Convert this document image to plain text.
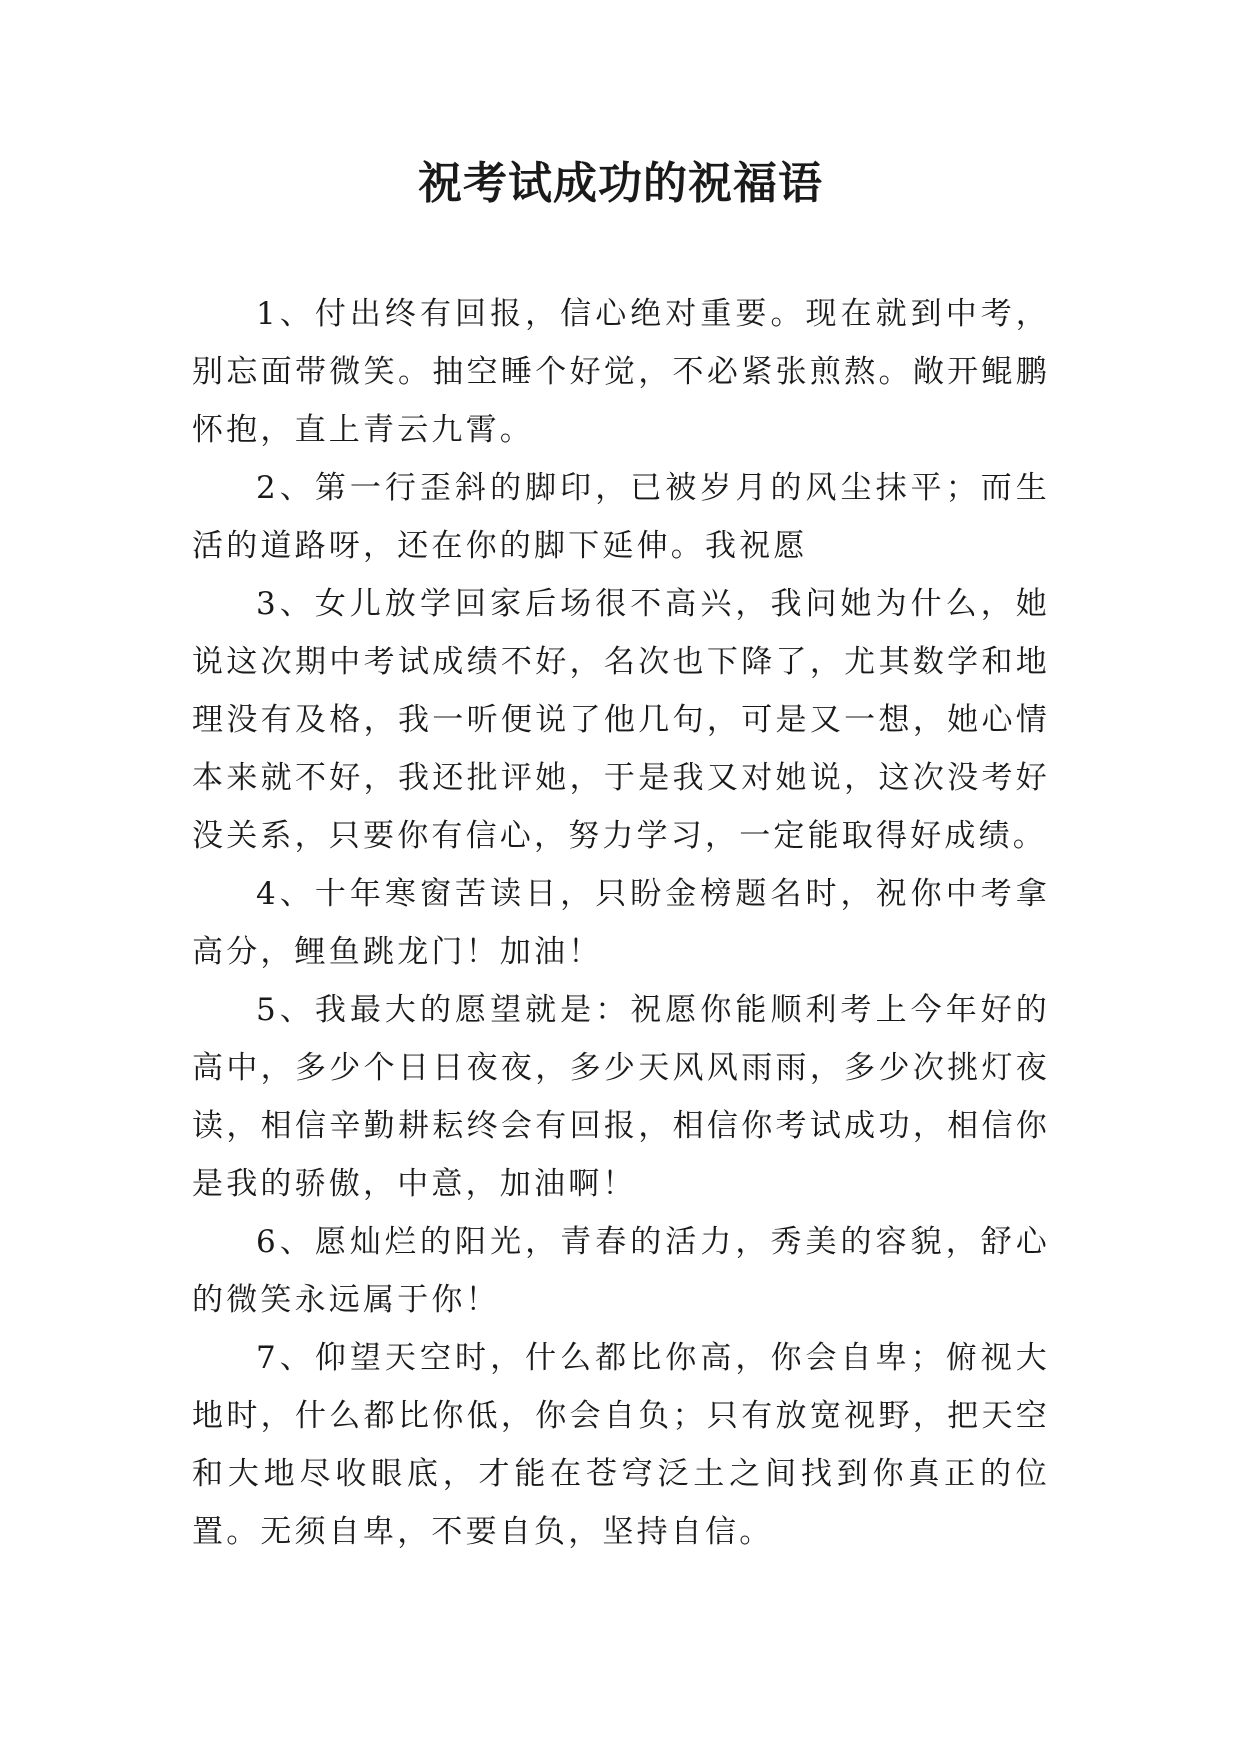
祝考试成功的祝福语

1、付出终有回报，信心绝对重要。现在就到中考，别忘面带微笑。抽空睡个好觉，不必紧张煎熬。敞开鲲鹏怀抱，直上青云九霄。

2、第一行歪斜的脚印，已被岁月的风尘抹平；而生活的道路呀，还在你的脚下延伸。我祝愿

3、女儿放学回家后场很不高兴，我问她为什么，她说这次期中考试成绩不好，名次也下降了，尤其数学和地理没有及格，我一听便说了他几句，可是又一想，她心情本来就不好，我还批评她，于是我又对她说，这次没考好没关系，只要你有信心，努力学习，一定能取得好成绩。

4、十年寒窗苦读日，只盼金榜题名时，祝你中考拿高分，鲤鱼跳龙门！加油！

5、我最大的愿望就是：祝愿你能顺利考上今年好的高中，多少个日日夜夜，多少天风风雨雨，多少次挑灯夜读，相信辛勤耕耘终会有回报，相信你考试成功，相信你是我的骄傲，中意，加油啊！

6、愿灿烂的阳光，青春的活力，秀美的容貌，舒心的微笑永远属于你！

7、仰望天空时，什么都比你高，你会自卑；俯视大地时，什么都比你低，你会自负；只有放宽视野，把天空和大地尽收眼底，才能在苍穹泛土之间找到你真正的位置。无须自卑，不要自负，坚持自信。
